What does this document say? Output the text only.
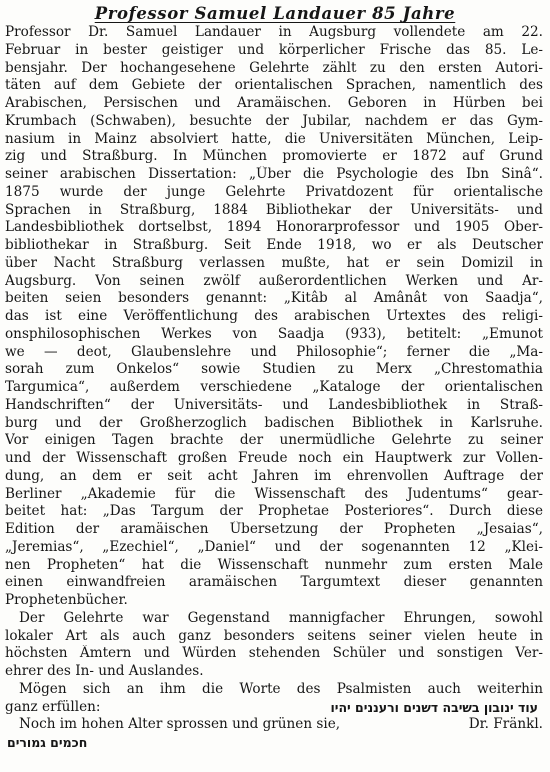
Professor Samuel Landauer 85 Jahre
Professor Dr. Samuel Landauer in Augsburg vollendete am 22.
Februar in bester geistiger und körperlicher Frische das 85. Le-
bensjahr. Der hochangesehene Gelehrte zählt zu den ersten Autori-
täten auf dem Gebiete der orientalischen Sprachen, namentlich des
Arabischen, Persischen und Aramäischen. Geboren in Hürben bei
Krumbach (Schwaben), besuchte der Jubilar, nachdem er das Gym-
nasium in Mainz absolviert hatte, die Universitäten München, Leip-
zig und Straßburg. In München promovierte er 1872 auf Grund
seiner arabischen Dissertation: „Über die Psychologie des Ibn Sinâ“.
1875 wurde der junge Gelehrte Privatdozent für orientalische
Sprachen in Straßburg, 1884 Bibliothekar der Universitäts- und
Landesbibliothek dortselbst, 1894 Honorarprofessor und 1905 Ober-
bibliothekar in Straßburg. Seit Ende 1918, wo er als Deutscher
über Nacht Straßburg verlassen mußte, hat er sein Domizil in
Augsburg. Von seinen zwölf außerordentlichen Werken und Ar-
beiten seien besonders genannt: „Kitâb al Amânât von Saadja“,
das ist eine Veröffentlichung des arabischen Urtextes des religi-
onsphilosophischen Werkes von Saadja (933), betitelt: „Emunot
we — deot, Glaubenslehre und Philosophie“; ferner die „Ma-
sorah zum Onkelos“ sowie Studien zu Merx „Chrestomathia
Targumica“, außerdem verschiedene „Kataloge der orientalischen
Handschriften“ der Universitäts- und Landesbibliothek in Straß-
burg und der Großherzoglich badischen Bibliothek in Karlsruhe.
Vor einigen Tagen brachte der unermüdliche Gelehrte zu seiner
und der Wissenschaft großen Freude noch ein Hauptwerk zur Vollen-
dung, an dem er seit acht Jahren im ehrenvollen Auftrage der
Berliner „Akademie für die Wissenschaft des Judentums“ gear-
beitet hat: „Das Targum der Prophetae Posteriores“. Durch diese
Edition der aramäischen Übersetzung der Propheten „Jesaias“,
„Jeremias“, „Ezechiel“, „Daniel“ und der sogenannten 12 „Klei-
nen Propheten“ hat die Wissenschaft nunmehr zum ersten Male
einen einwandfreien aramäischen Targumtext dieser genannten
Prophetenbücher.
Der Gelehrte war Gegenstand mannigfacher Ehrungen, sowohl
lokaler Art als auch ganz besonders seitens seiner vielen heute in
höchsten Ämtern und Würden stehenden Schüler und sonstigen Ver-
ehrer des In- und Auslandes.
Mögen sich an ihm die Worte des Psalmisten auch weiterhin
ganz erfüllen:
Noch im hohen Alter sprossen und grünen sie,
עוד ינובון בשיבה דשנים ורעננים יהיו
Dr. Fränkl.
חכמים גמורים
